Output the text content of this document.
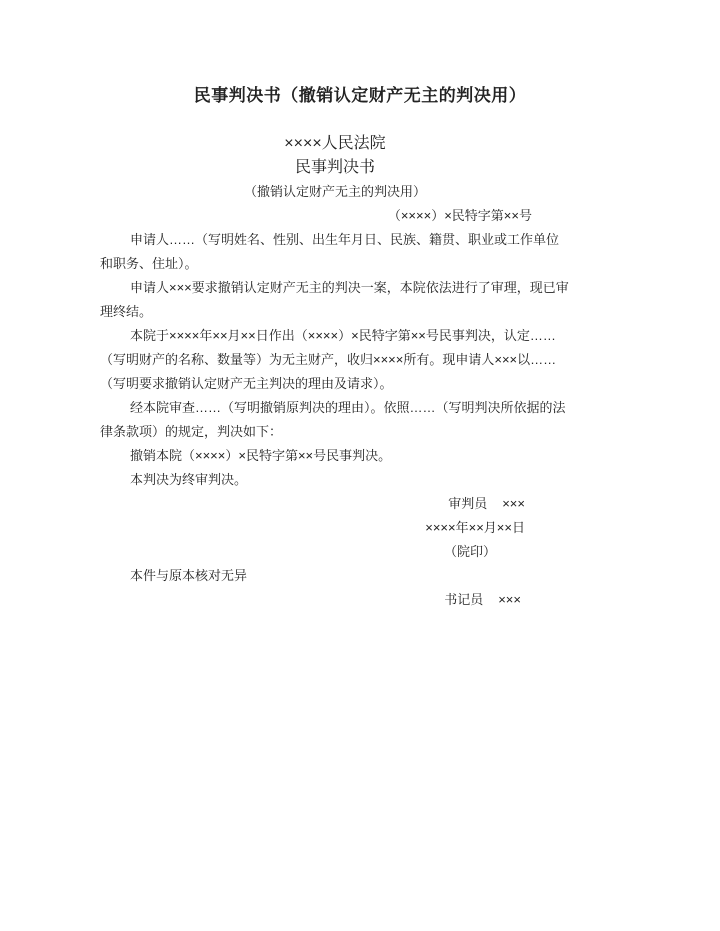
民事判决书（撤销认定财产无主的判决用）
××××人民法院
民事判决书
（撤销认定财产无主的判决用）
（××××）×民特字第××号

申请人……（写明姓名、性别、出生年月日、民族、籍贯、职业或工作单位和职务、住址）。

申请人×××要求撤销认定财产无主的判决一案，本院依法进行了审理，现已审理终结。

本院于××××年××月××日作出（××××）×民特字第××号民事判决，认定……（写明财产的名称、数量等）为无主财产，收归××××所有。现申请人×××以……（写明要求撤销认定财产无主判决的理由及请求）。

经本院审查……（写明撤销原判决的理由）。依照……（写明判决所依据的法律条款项）的规定，判决如下：

撤销本院（××××）×民特字第××号民事判决。

本判决为终审判决。

审判员 ×××
××××年××月××日
（院印）

本件与原本核对无异

书记员 ×××
